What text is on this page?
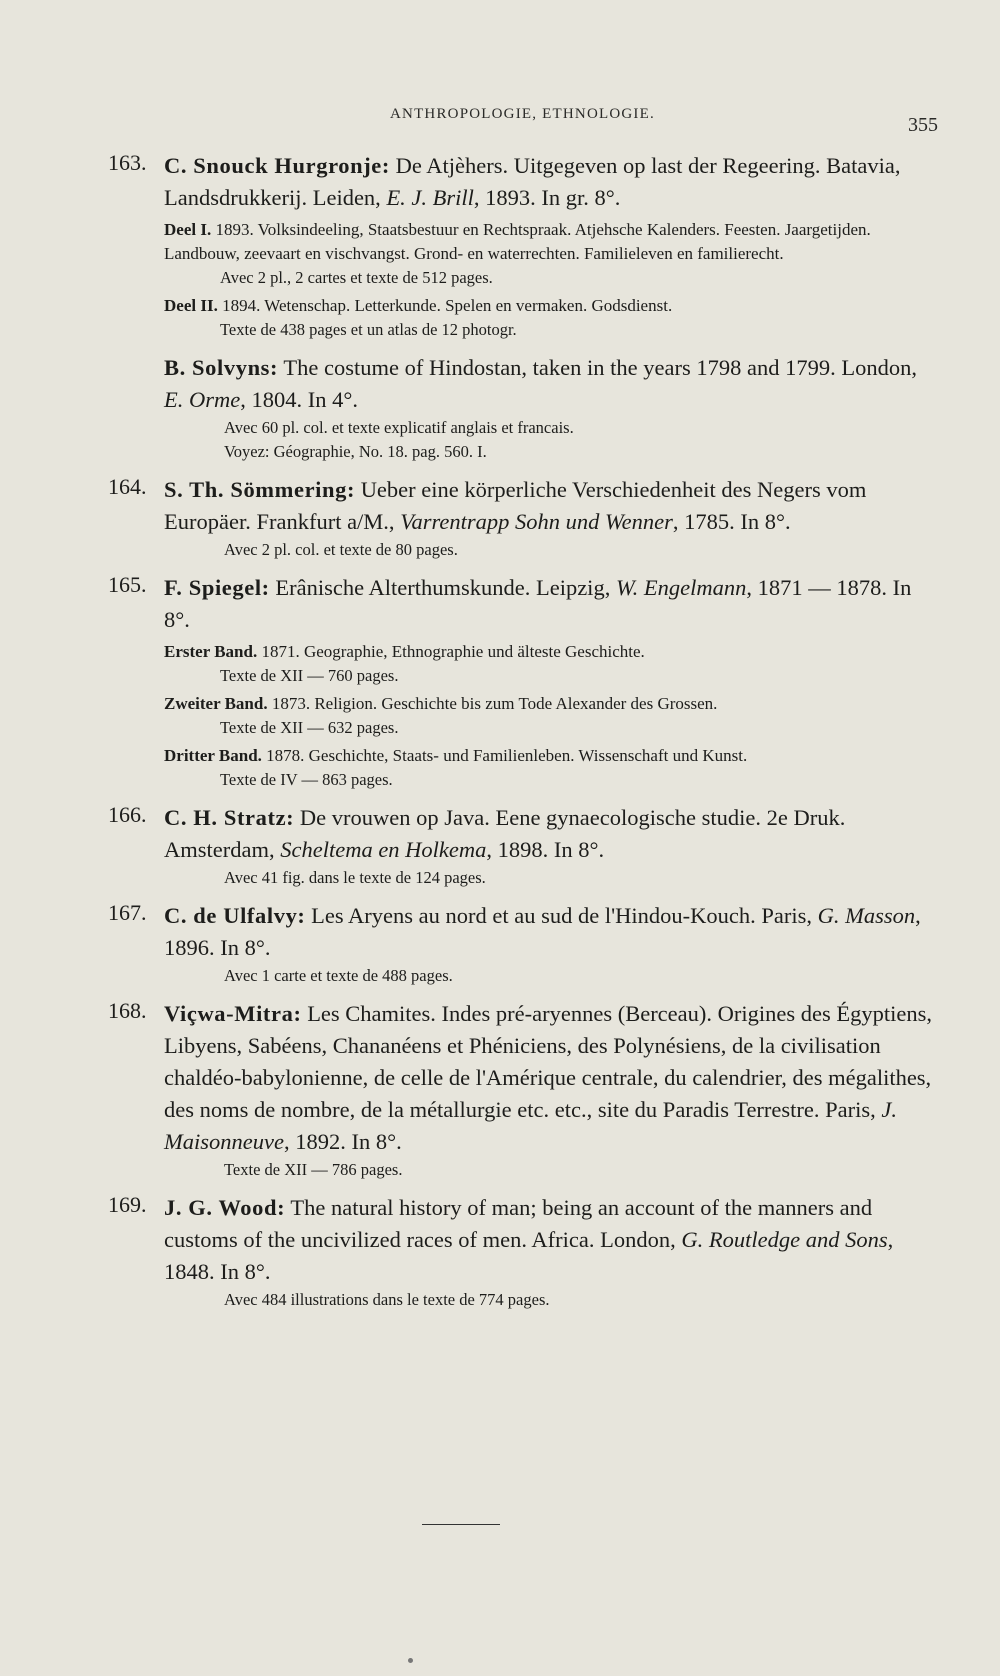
ANTHROPOLOGIE, ETHNOLOGIE.	355
163. C. Snouck Hurgronje: De Atjèhers. Uitgegeven op last der Regeering. Batavia, Landsdrukkerij. Leiden, E. J. Brill, 1893. In gr. 8°.
Deel I. 1893. Volksindeeling, Staatsbestuur en Rechtspraak. Atjehsche Kalenders. Feesten. Jaargetijden. Landbouw, zeevaart en vischvangst. Grond- en waterrechten. Familieleven en familierecht.
Avec 2 pl., 2 cartes et texte de 512 pages.
Deel II. 1894. Wetenschap. Letterkunde. Spelen en vermaken. Godsdienst.
Texte de 438 pages et un atlas de 12 photogr.
B. Solvyns: The costume of Hindostan, taken in the years 1798 and 1799. London, E. Orme, 1804. In 4°.
Avec 60 pl. col. et texte explicatif anglais et francais.
Voyez: Géographie, No. 18. pag. 560. I.
164. S. Th. Sömmering: Ueber eine körperliche Verschiedenheit des Negers vom Europäer. Frankfurt a/M., Varrentrapp Sohn und Wenner, 1785. In 8°.
Avec 2 pl. col. et texte de 80 pages.
165. F. Spiegel: Erânische Alterthumskunde. Leipzig, W. Engelmann, 1871 — 1878. In 8°.
Erster Band. 1871. Geographie, Ethnographie und älteste Geschichte.
Texte de XII — 760 pages.
Zweiter Band. 1873. Religion. Geschichte bis zum Tode Alexander des Grossen.
Texte de XII — 632 pages.
Dritter Band. 1878. Geschichte, Staats- und Familienleben. Wissenschaft und Kunst.
Texte de IV — 863 pages.
166. C. H. Stratz: De vrouwen op Java. Eene gynaecologische studie. 2e Druk. Amsterdam, Scheltema en Holkema, 1898. In 8°.
Avec 41 fig. dans le texte de 124 pages.
167. C. de Ulfalvy: Les Aryens au nord et au sud de l'Hindou-Kouch. Paris, G. Masson, 1896. In 8°.
Avec 1 carte et texte de 488 pages.
168. Viçwa-Mitra: Les Chamites. Indes pré-aryennes (Berceau). Origines des Égyptiens, Libyens, Sabéens, Chananéens et Phéniciens, des Polynésiens, de la civilisation chaldéo-babylonienne, de celle de l'Amérique centrale, du calendrier, des mégalithes, des noms de nombre, de la métallurgie etc. etc., site du Paradis Terrestre. Paris, J. Maisonneuve, 1892. In 8°.
Texte de XII — 786 pages.
169. J. G. Wood: The natural history of man; being an account of the manners and customs of the uncivilized races of men. Africa. London, G. Routledge and Sons, 1848. In 8°.
Avec 484 illustrations dans le texte de 774 pages.
